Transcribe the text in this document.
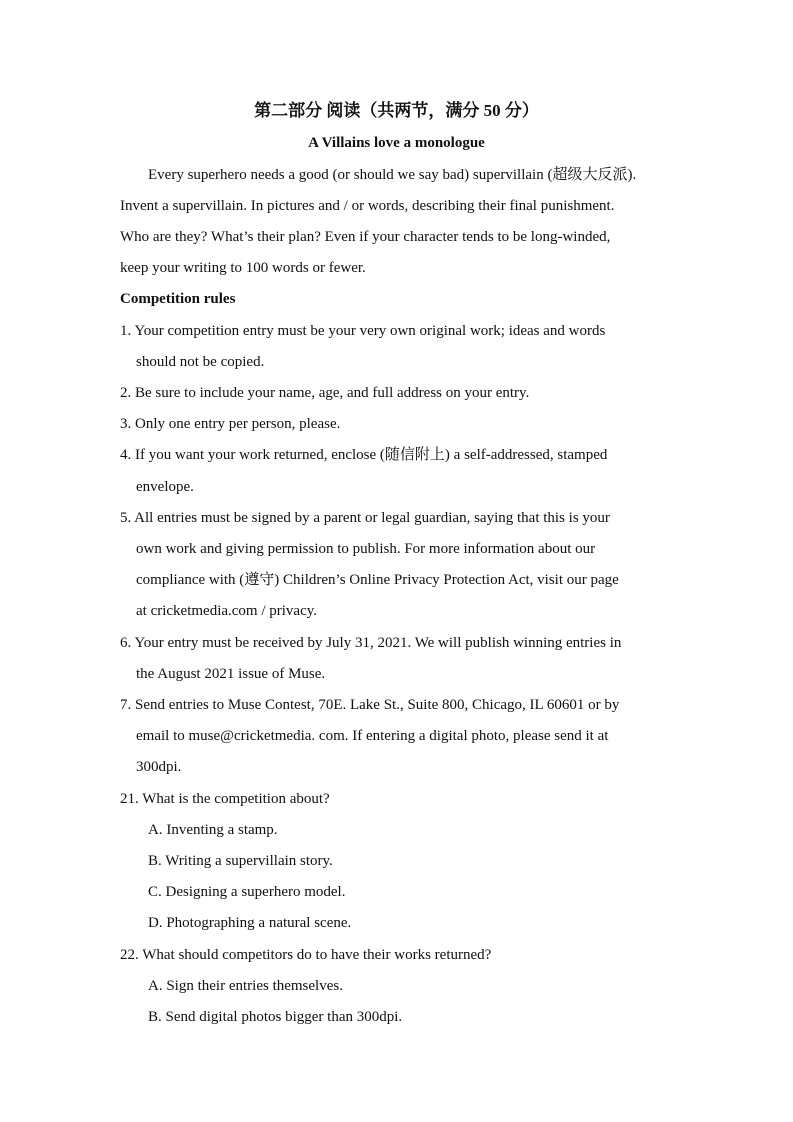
第二部分 阅读（共两节，满分 50 分）
A Villains love a monologue
Every superhero needs a good (or should we say bad) supervillain (超级大反派).
Invent a supervillain. In pictures and / or words, describing their final punishment.
Who are they? What’s their plan? Even if your character tends to be long-winded,
keep your writing to 100 words or fewer.
Competition rules
1. Your competition entry must be your very own original work; ideas and words
should not be copied.
2. Be sure to include your name, age, and full address on your entry.
3. Only one entry per person, please.
4. If you want your work returned, enclose (随信附上) a self-addressed, stamped
envelope.
5. All entries must be signed by a parent or legal guardian, saying that this is your
own work and giving permission to publish. For more information about our
compliance with (遵守) Children’s Online Privacy Protection Act, visit our page
at cricketmedia.com / privacy.
6. Your entry must be received by July 31, 2021. We will publish winning entries in
the August 2021 issue of Muse.
7. Send entries to Muse Contest, 70E. Lake St., Suite 800, Chicago, IL 60601 or by
email to muse@cricketmedia. com. If entering a digital photo, please send it at
300dpi.
21. What is the competition about?
A. Inventing a stamp.
B. Writing a supervillain story.
C. Designing a superhero model.
D. Photographing a natural scene.
22. What should competitors do to have their works returned?
A. Sign their entries themselves.
B. Send digital photos bigger than 300dpi.
